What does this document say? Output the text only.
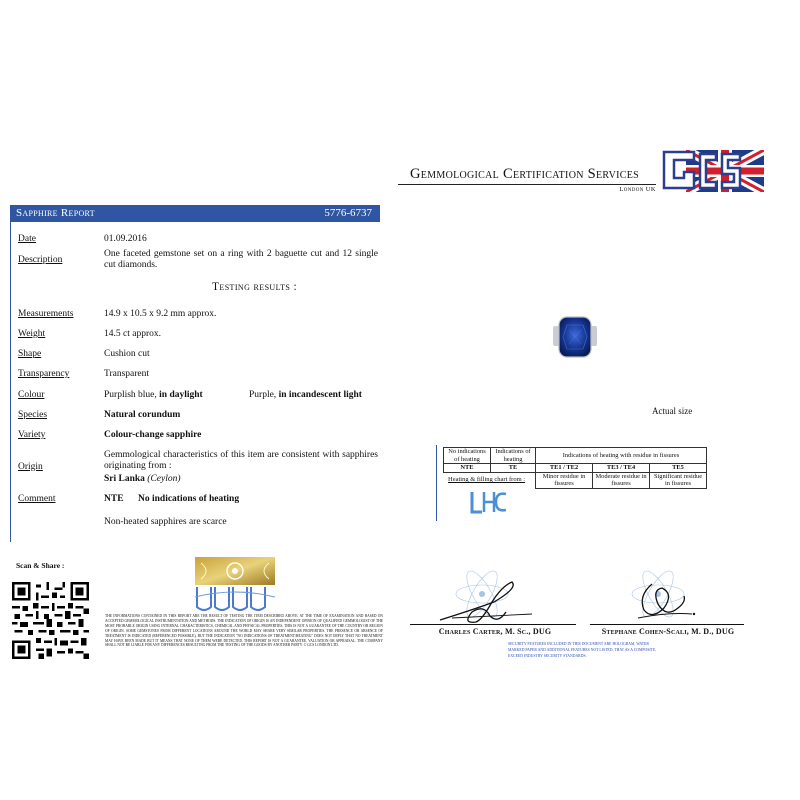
Gemmological Certification Services
London UK
Sapphire Report	5776-6737
Date	01.09.2016
Description
One faceted gemstone set on a ring with 2 baguette cut and 12 single cut diamonds.
Testing results :
Measurements	14.9 x 10.5 x 9.2 mm approx.
Weight	14.5 ct approx.
Shape	Cushion cut
Transparency	Transparent
Colour	Purplish blue, in daylight	Purple, in incandescent light
Species	Natural corundum
Variety	Colour-change sapphire
Origin
Gemmological characteristics of this item are consistent with sapphires originating from :
Sri Lanka (Ceylon)
Comment	NTE No indications of heating
Non-heated sapphires are scarce
Actual size
No indications of heating	Indications of heating	Indications of heating with residue in fissures		
NTE	TE	TE1 / TE2	TE3 / TE4	TE5
		Minor residue in fissures	Moderate residue in fissures	Significant residue in fissures
Heating & filling chart from :
Scan & Share :
THE INFORMATIONS CONTAINED IN THIS REPORT ARE THE RESULT OF TESTING THE ITEM DESCRIBED ABOVE, AT THE TIME OF EXAMINATION AND BASED ON ACCEPTED GEMMOLOGICAL INSTRUMENTATION AND METHODS. THE INDICATION OF ORIGIN IS AN INDEPENDENT OPINION OF QUALIFIED GEMMOLOGIST OF THE MOST PROBABLE ORIGIN USING INTERNAL CHARACTERISTICS, CHEMICAL AND PHYSICAL PROPERTIES. THIS IS NOT A GUARANTEE OF THE COUNTRY OR REGION OF ORIGIN. SOME GEMSTONES FROM DIFFERENT LOCATIONS AROUND THE WORLD MAY SHARE VERY SIMILAR PROPERTIES. THE PRESENCE OR ABSENCE OF TREATMENT IS INDICATED (REFERENCED POSSIBLE), BUT THE INDICATION "NO INDICATIONS OF TREATMENT/HEATING" DOES NOT IMPLY THAT NO TREATMENT MAY HAVE BEEN MADE BUT IT MEANS THAT NONE OF THEM WERE DETECTED. THIS REPORT IS NOT A GUARANTEE, VALUATION OR APPRAISAL. THE COMPANY SHALL NOT BE LIABLE FOR ANY DIFFERENCES RESULTING FROM THE TESTING OF THE GOODS BY ANOTHER PARTY. © GCS LONDON LTD.
Charles Carter, M. Sc., DUG	Stephane Cohen-Scali, M. D., DUG
SECURITY FEATURES INCLUDED IN THIS DOCUMENT ARE HOLOGRAM, WATER MARKED PAPER AND ADDITIONAL FEATURES NOT LISTED, THAT AS A COMPOSITE, EXCEED INDUSTRY SECURITY STANDARDS.
